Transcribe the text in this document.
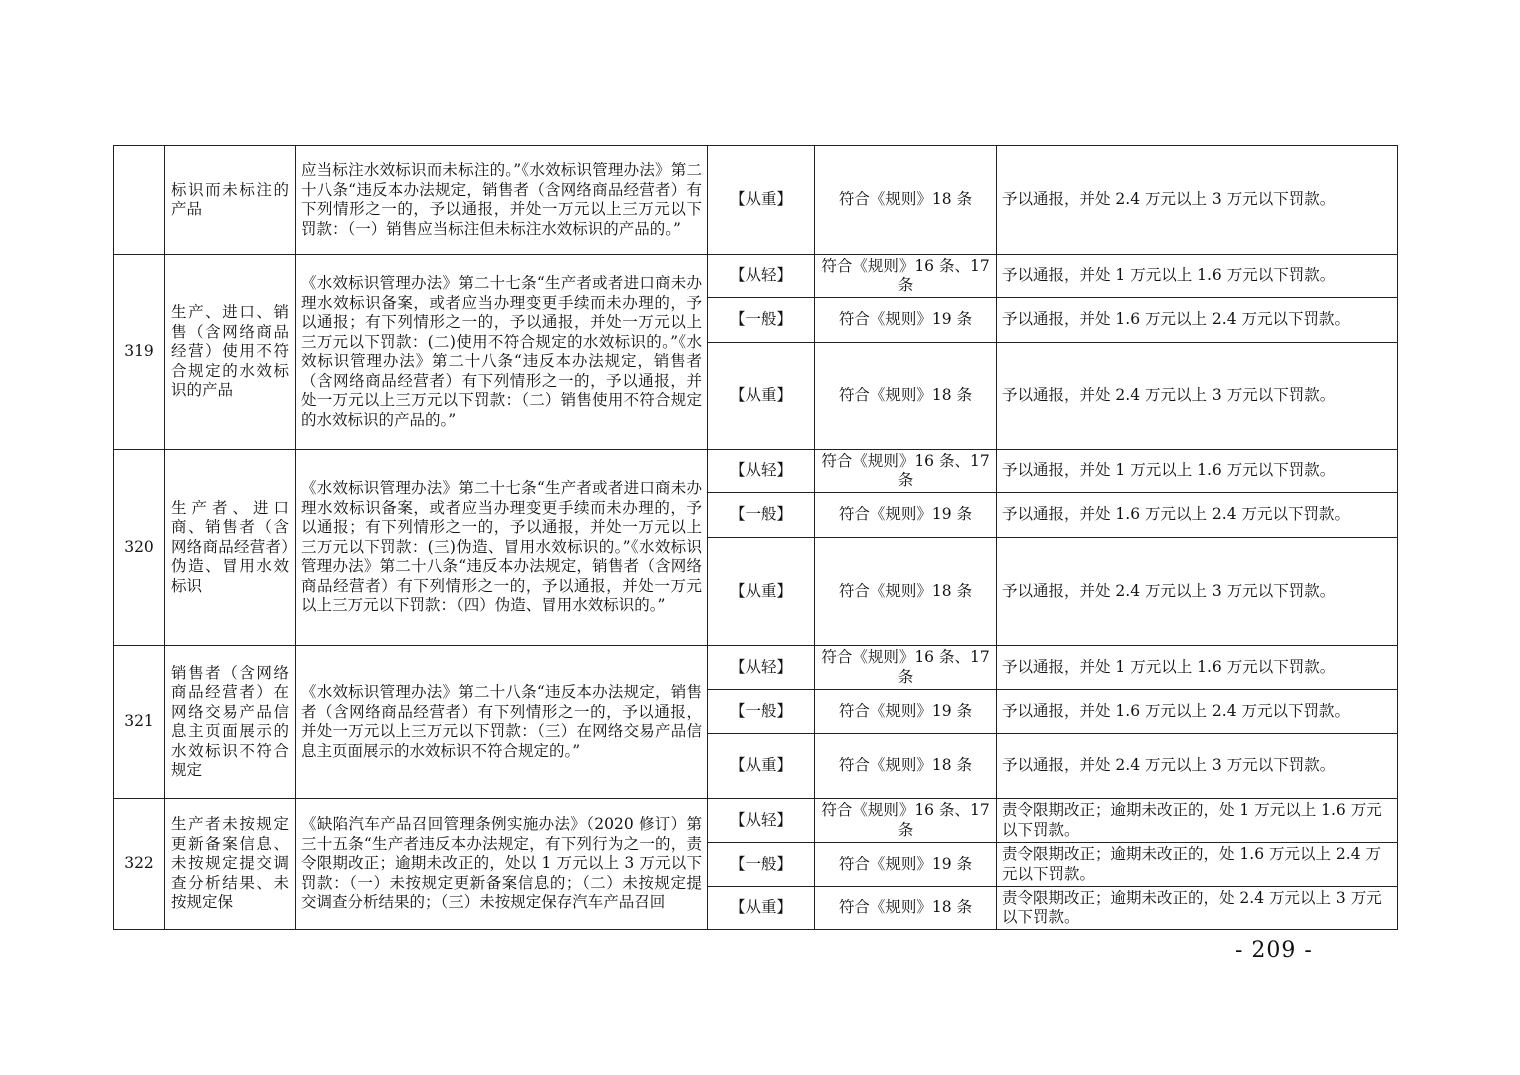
	标识而未标注的产品	应当标注水效标识而未标注的。”《水效标识管理办法》第二十八条“违反本办法规定，销售者（含网络商品经营者）有下列情形之一的，予以通报，并处一万元以上三万元以下罚款：（一）销售应当标注但未标注水效标识的产品的。”	【从重】	符合《规则》18 条	予以通报，并处 2.4 万元以上 3 万元以下罚款。
319	生产、进口、销售（含网络商品经营）使用不符合规定的水效标识的产品	《水效标识管理办法》第二十七条“生产者或者进口商未办理水效标识备案，或者应当办理变更手续而未办理的，予以通报；有下列情形之一的，予以通报，并处一万元以上三万元以下罚款：(二)使用不符合规定的水效标识的。”《水效标识管理办法》第二十八条“违反本办法规定，销售者（含网络商品经营者）有下列情形之一的，予以通报，并处一万元以上三万元以下罚款：（二）销售使用不符合规定的水效标识的产品的。”	【从轻】	符合《规则》16 条、17 条	予以通报，并处 1 万元以上 1.6 万元以下罚款。
			【一般】	符合《规则》19 条	予以通报，并处 1.6 万元以上 2.4 万元以下罚款。
			【从重】	符合《规则》18 条	予以通报，并处 2.4 万元以上 3 万元以下罚款。
320	生产者、进口商、销售者（含网络商品经营者）伪造、冒用水效标识	《水效标识管理办法》第二十七条“生产者或者进口商未办理水效标识备案，或者应当办理变更手续而未办理的，予以通报；有下列情形之一的，予以通报，并处一万元以上三万元以下罚款：(三)伪造、冒用水效标识的。”《水效标识管理办法》第二十八条“违反本办法规定，销售者（含网络商品经营者）有下列情形之一的，予以通报，并处一万元以上三万元以下罚款：（四）伪造、冒用水效标识的。”	【从轻】	符合《规则》16 条、17 条	予以通报，并处 1 万元以上 1.6 万元以下罚款。
			【一般】	符合《规则》19 条	予以通报，并处 1.6 万元以上 2.4 万元以下罚款。
			【从重】	符合《规则》18 条	予以通报，并处 2.4 万元以上 3 万元以下罚款。
321	销售者（含网络商品经营者）在网络交易产品信息主页面展示的水效标识不符合规定	《水效标识管理办法》第二十八条“违反本办法规定，销售者（含网络商品经营者）有下列情形之一的，予以通报，并处一万元以上三万元以下罚款：（三）在网络交易产品信息主页面展示的水效标识不符合规定的。”	【从轻】	符合《规则》16 条、17 条	予以通报，并处 1 万元以上 1.6 万元以下罚款。
			【一般】	符合《规则》19 条	予以通报，并处 1.6 万元以上 2.4 万元以下罚款。
			【从重】	符合《规则》18 条	予以通报，并处 2.4 万元以上 3 万元以下罚款。
322	生产者未按规定更新备案信息、未按规定提交调查分析结果、未按规定保	《缺陷汽车产品召回管理条例实施办法》（2020 修订）第三十五条“生产者违反本办法规定，有下列行为之一的，责令限期改正；逾期未改正的，处以 1 万元以上 3 万元以下罚款：（一）未按规定更新备案信息的；（二）未按规定提交调查分析结果的；（三）未按规定保存汽车产品召回	【从轻】	符合《规则》16 条、17 条	责令限期改正；逾期未改正的，处 1 万元以上 1.6 万元以下罚款。
			【一般】	符合《规则》19 条	责令限期改正；逾期未改正的，处 1.6 万元以上 2.4 万元以下罚款。
			【从重】	符合《规则》18 条	责令限期改正；逾期未改正的，处 2.4 万元以上 3 万元以下罚款。
- 209 -
